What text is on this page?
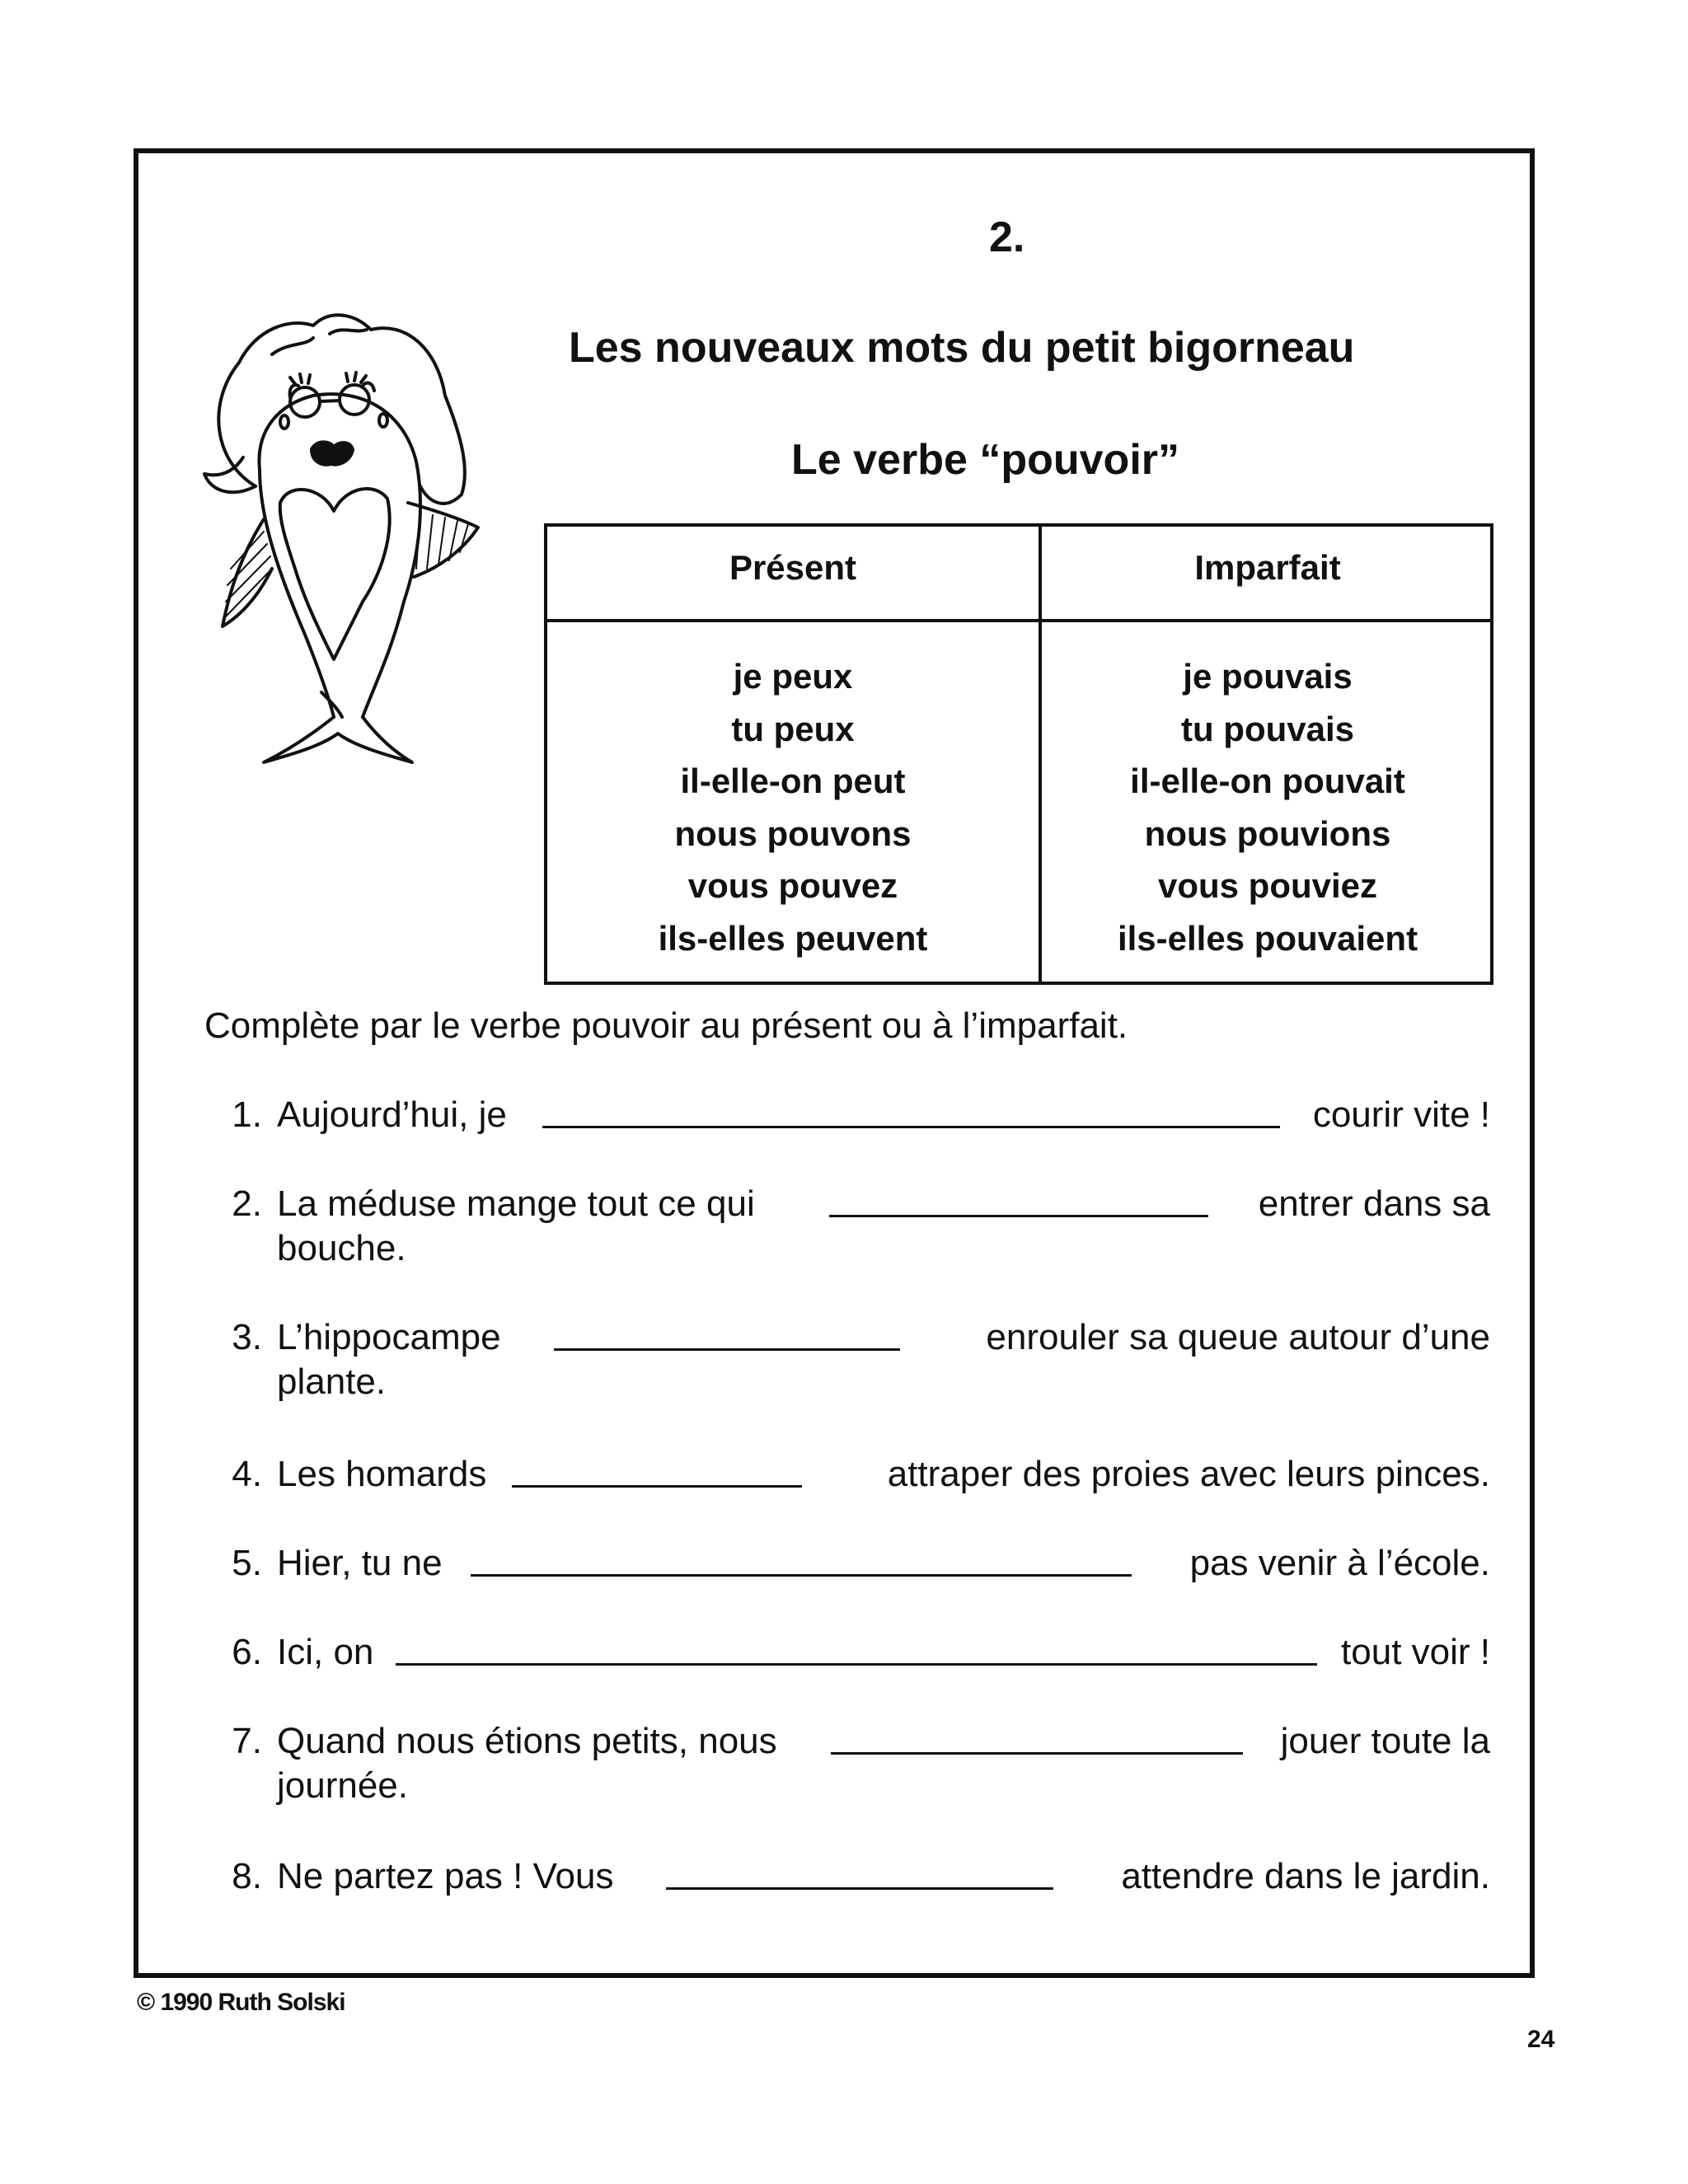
2.
Les nouveaux mots du petit bigorneau
Le verbe “pouvoir”
Présent	Imparfait
je peux
tu peux
il-elle-on peut
nous pouvons
vous pouvez
ils-elles peuvent
je pouvais
tu pouvais
il-elle-on pouvait
nous pouvions
vous pouviez
ils-elles pouvaient
Complète par le verbe pouvoir au présent ou à l’imparfait.
1. Aujourd’hui, je	courir vite !
2. La méduse mange tout ce qui	entrer dans sa
bouche.
3. L’hippocampe	enrouler sa queue autour d’une
plante.
4. Les homards	attraper des proies avec leurs pinces.
5. Hier, tu ne	pas venir à l’école.
6. Ici, on	tout voir !
7. Quand nous étions petits, nous	jouer toute la
journée.
8. Ne partez pas ! Vous	attendre dans le jardin.
© 1990 Ruth Solski
24
